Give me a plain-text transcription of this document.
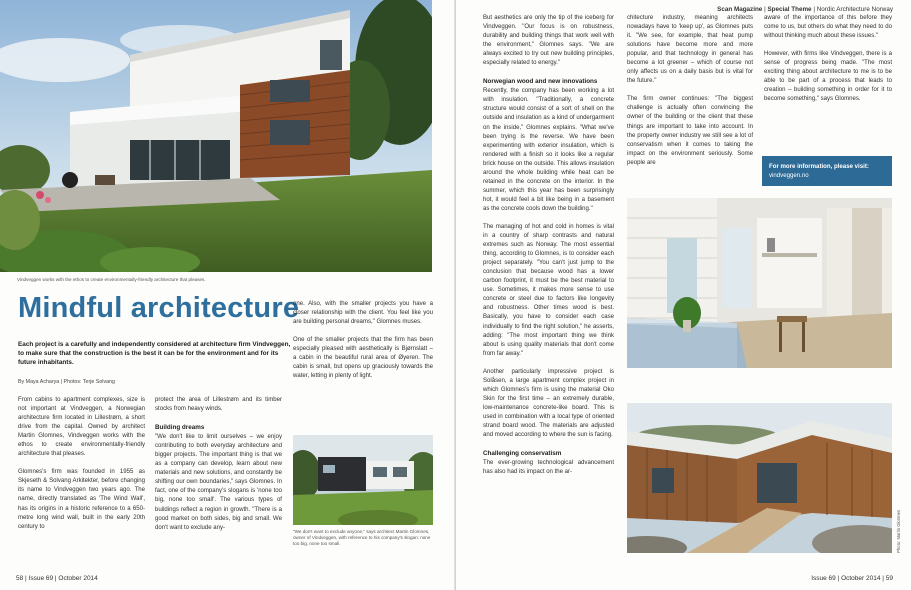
Vindveggen works with the ethos to create environmentally-friendly architecture that pleases.
Mindful architecture
Each project is a carefully and independently considered at architecture firm Vindveggen, to make sure that the construction is the best it can be for the environment and for its future inhabitants.
By Maya Acharya | Photos: Terje Solvang

From cabins to apartment complexes, size is not important at Vindveggen, a Norwegian architecture firm located in Lillestrøm, a short drive from the capital. Owned by architect Martin Glomnes, Vindveggen works with the ethos to create environmentally-friendly architecture that pleases.

Glomnes's firm was founded in 1955 as Skjeseth & Solvang Arkitekter, before changing its name to Vindveggen two years ago. The name, directly translated as 'The Wind Wall', has its origins in a historic reference to a 650-metre long wind wall, built in the early 20th century to

protect the area of Lillestrøm and its timber stocks from heavy winds.

Building dreams

"We don't like to limit ourselves – we enjoy contributing to both everyday architecture and bigger projects. The important thing is that we as a company can develop, learn about new materials and new solutions, and constantly be shifting our own boundaries," says Glomnes. In fact, one of the company's slogans is 'none too big, none too small'. The various types of buildings reflect a region in growth. "There is a good market on both sides, big and small. We don't want to exclude any-

one. Also, with the smaller projects you have a closer relationship with the client. You feel like you are building personal dreams," Glomnes muses.

One of the smaller projects that the firm has been especially pleased with aesthetically is Bjørnslatt – a cabin in the beautiful rural area of Øyeren. The cabin is small, but opens up graciously towards the water, letting in plenty of light.

"We don't want to exclude anyone," says architect Martin Glomnes, owner of Vindveggen, with reference to his company's slogan: none too big, none too small.
58 | Issue 69 | October 2014
Scan Magazine | Special Theme | Nordic Architecture Norway

But aesthetics are only the tip of the iceberg for Vindveggen. "Our focus is on robustness, durability and building things that work well with the environment," Glomnes says. "We are always excited to try out new building principles, especially related to energy."

Norwegian wood and new innovations

Recently, the company has been working a lot with insulation. "Traditionally, a concrete structure would consist of a sort of shell on the outside and insulation as a kind of undergarment on the inside," Glomnes explains. "What we've been trying is the reverse. We have been experimenting with exterior insulation, which is rendered with a finish so it looks like a regular brick house on the outside. This allows insulation around the whole building while heat can be retained in the concrete on the interior. In the summer, which this year has been surprisingly hot, it would feel a bit like being in a basement as the concrete cools down the building."

The managing of hot and cold in homes is vital in a country of sharp contrasts and natural extremes such as Norway. The most essential thing, according to Glomnes, is to consider each project separately. "You can't just jump to the conclusion that because wood has a lower carbon footprint, it must be the best material to use. Sometimes, it makes more sense to use concrete or steel due to factors like longevity and robustness. Other times wood is best. Basically, you have to consider each case individually to find the right solution," he asserts, adding: "The most important thing we think about is using quality materials that don't come from far away."

Another particularly impressive project is Solåsen, a large apartment complex project in which Glomnes's firm is using the material Oko Skin for the first time – an extremely durable, low-maintenance concrete-like board. This is used in combination with a local type of oriented strand board wood. The materials are adjusted and moved according to where the sun is facing.

Challenging conservatism

The ever-growing technological advancement has also had its impact on the ar-

chitecture industry, meaning architects nowadays have to 'keep up', as Glomnes puts it. "We see, for example, that heat pump solutions have become more and more popular, and that technology in general has become a lot greener – which of course not only affects us on a daily basis but is vital for the future."

The firm owner continues: "The biggest challenge is actually often convincing the owner of the building or the client that these things are important to take into account. In the property owner industry we still see a lot of conservatism when it comes to taking the impact on the environment seriously. Some people are

aware of the importance of this before they come to us, but others do what they need to do without thinking much about these issues."

However, with firms like Vindveggen, there is a sense of progress being made. "The most exciting thing about architecture to me is to be able to be part of a process that leads to creation – building something in order for it to become something," says Glomnes.

Photo: Martin Glomnes
For more information, please visit:
vindveggen.no
Issue 69 | October 2014 | 59
